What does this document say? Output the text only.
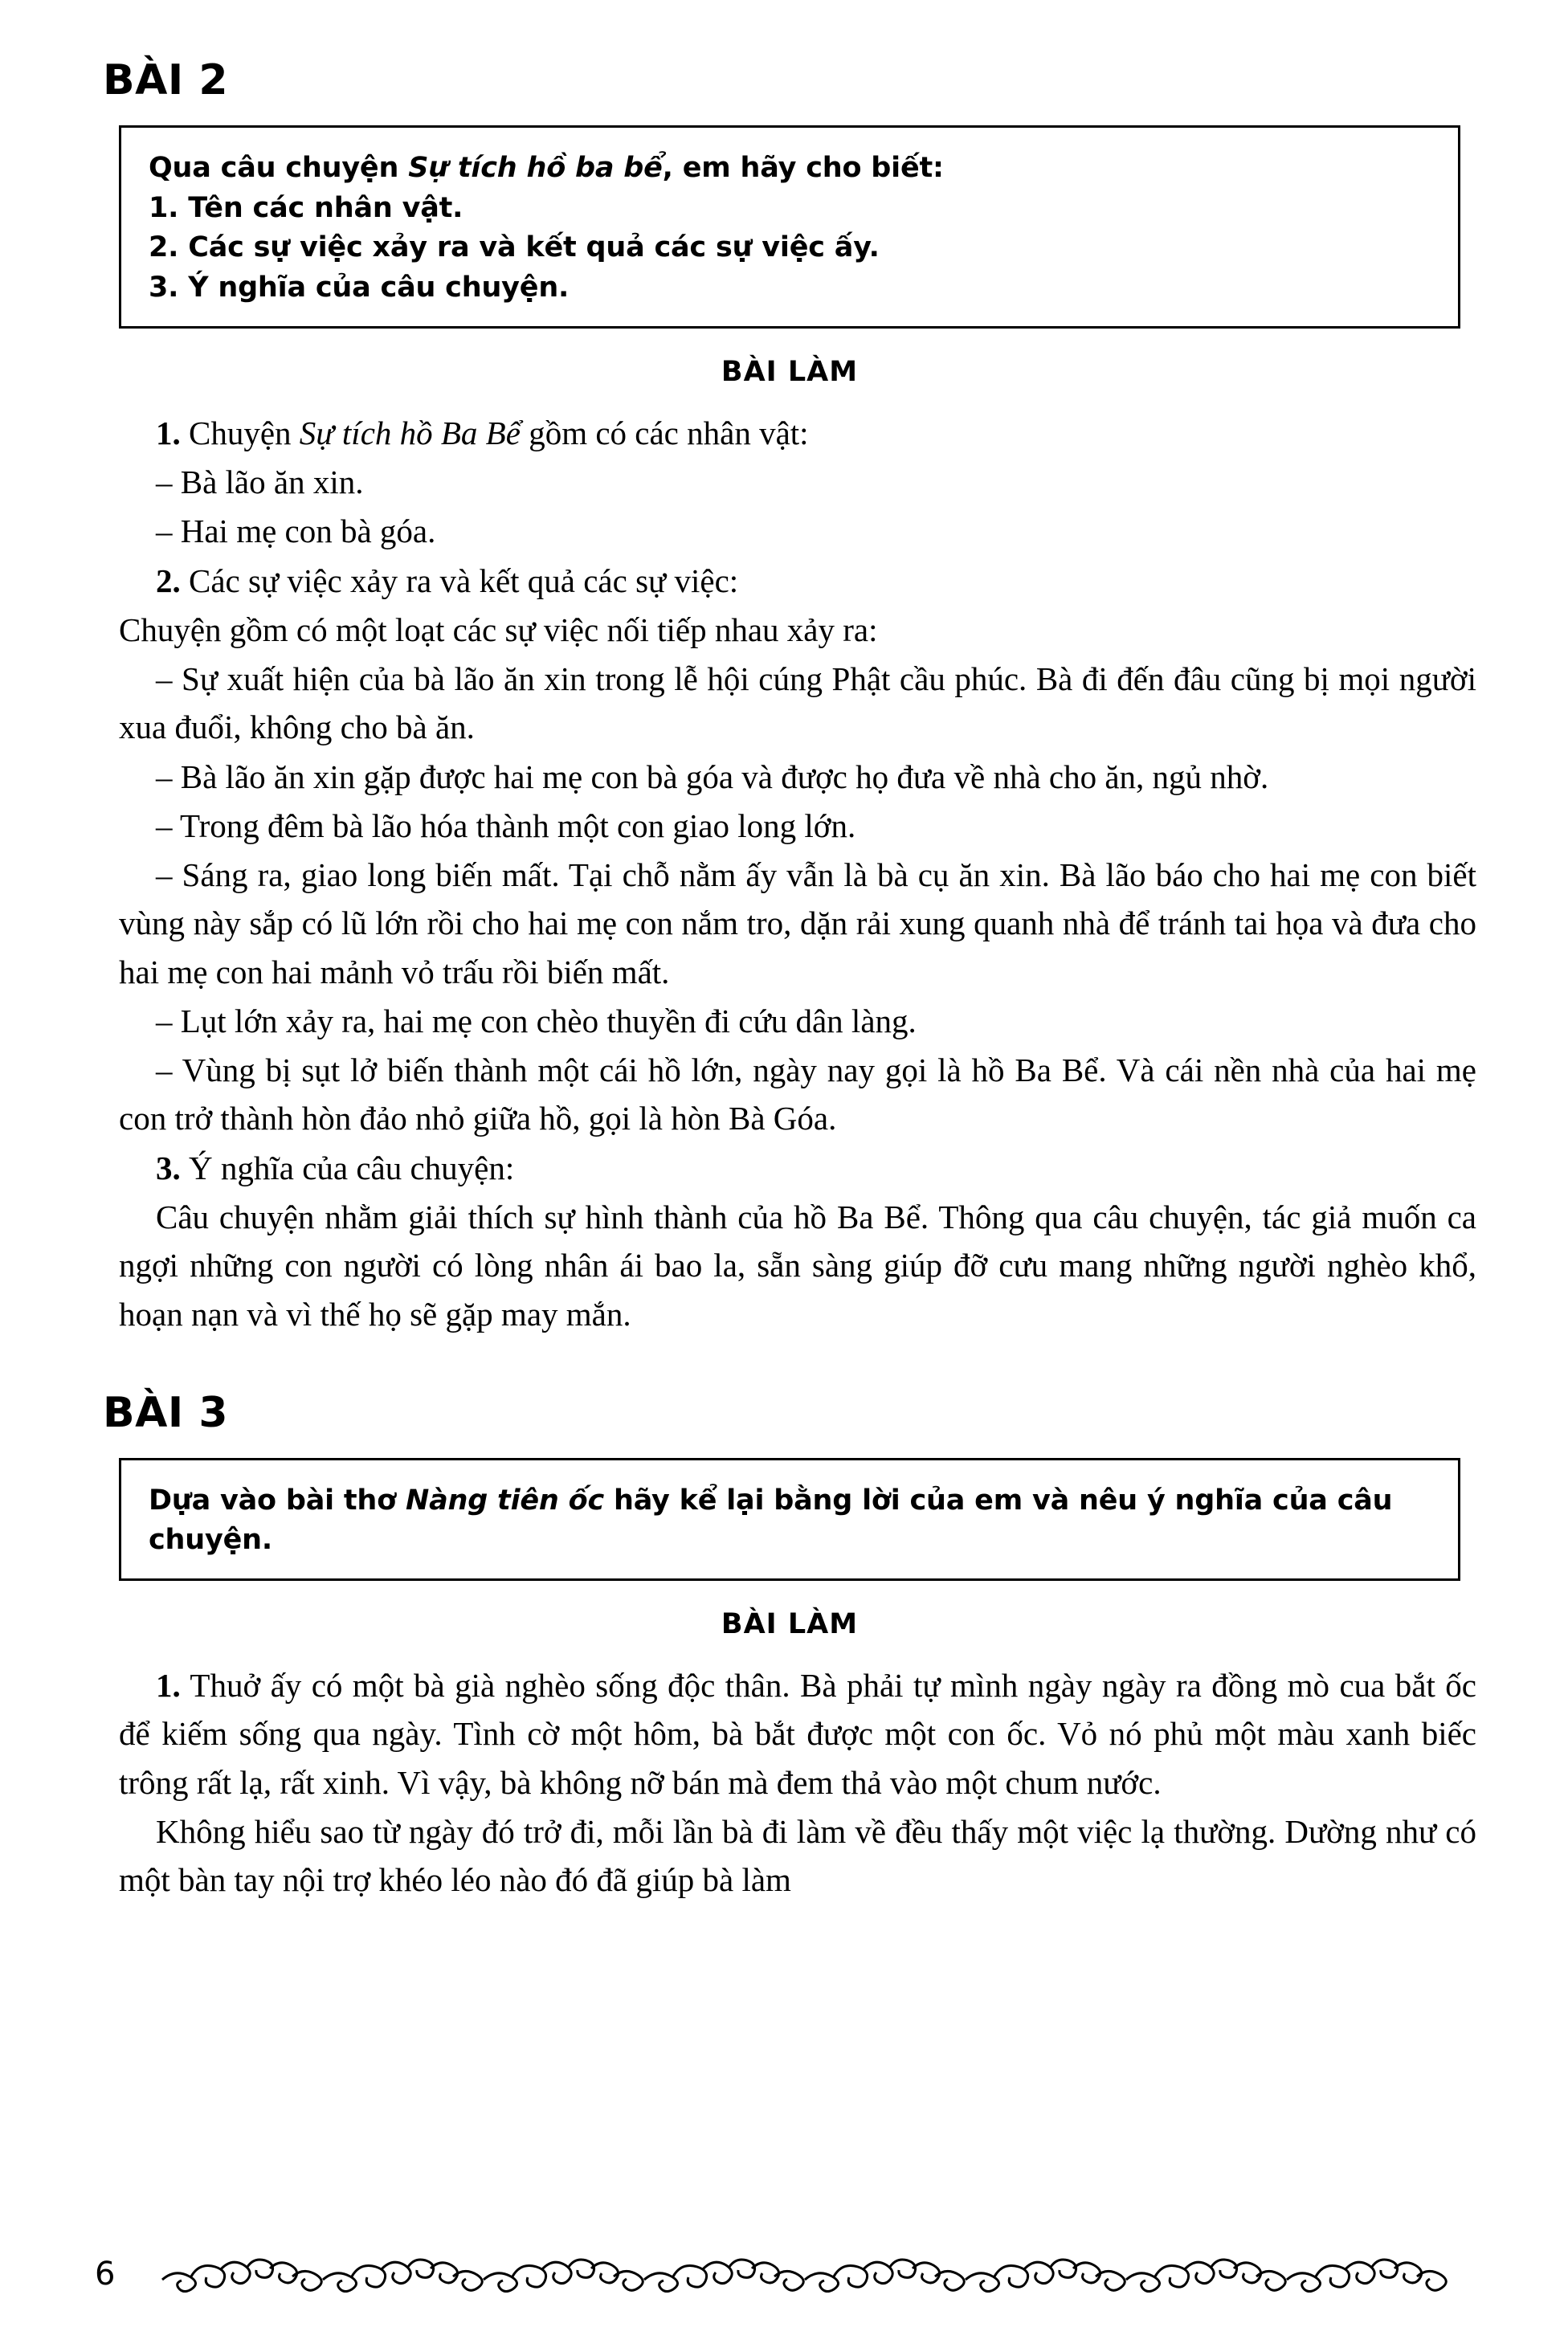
BÀI 2

Qua câu chuyện Sự tích hồ ba bể, em hãy cho biết:

1. Tên các nhân vật.

2. Các sự việc xảy ra và kết quả các sự việc ấy.

3. Ý nghĩa của câu chuyện.

BÀI LÀM

1. Chuyện Sự tích hồ Ba Bể gồm có các nhân vật:

– Bà lão ăn xin.

– Hai mẹ con bà góa.

2. Các sự việc xảy ra và kết quả các sự việc:

Chuyện gồm có một loạt các sự việc nối tiếp nhau xảy ra:

– Sự xuất hiện của bà lão ăn xin trong lễ hội cúng Phật cầu phúc. Bà đi đến đâu cũng bị mọi người xua đuổi, không cho bà ăn.

– Bà lão ăn xin gặp được hai mẹ con bà góa và được họ đưa về nhà cho ăn, ngủ nhờ.

– Trong đêm bà lão hóa thành một con giao long lớn.

– Sáng ra, giao long biến mất. Tại chỗ nằm ấy vẫn là bà cụ ăn xin. Bà lão báo cho hai mẹ con biết vùng này sắp có lũ lớn rồi cho hai mẹ con nắm tro, dặn rải xung quanh nhà để tránh tai họa và đưa cho hai mẹ con hai mảnh vỏ trấu rồi biến mất.

– Lụt lớn xảy ra, hai mẹ con chèo thuyền đi cứu dân làng.

– Vùng bị sụt lở biến thành một cái hồ lớn, ngày nay gọi là hồ Ba Bể. Và cái nền nhà của hai mẹ con trở thành hòn đảo nhỏ giữa hồ, gọi là hòn Bà Góa.

3. Ý nghĩa của câu chuyện:

Câu chuyện nhằm giải thích sự hình thành của hồ Ba Bể. Thông qua câu chuyện, tác giả muốn ca ngợi những con người có lòng nhân ái bao la, sẵn sàng giúp đỡ cưu mang những người nghèo khổ, hoạn nạn và vì thế họ sẽ gặp may mắn.

BÀI 3

Dựa vào bài thơ Nàng tiên ốc hãy kể lại bằng lời của em và nêu ý nghĩa của câu chuyện.

BÀI LÀM

1. Thuở ấy có một bà già nghèo sống độc thân. Bà phải tự mình ngày ngày ra đồng mò cua bắt ốc để kiếm sống qua ngày. Tình cờ một hôm, bà bắt được một con ốc. Vỏ nó phủ một màu xanh biếc trông rất lạ, rất xinh. Vì vậy, bà không nỡ bán mà đem thả vào một chum nước.

Không hiểu sao từ ngày đó trở đi, mỗi lần bà đi làm về đều thấy một việc lạ thường. Dường như có một bàn tay nội trợ khéo léo nào đó đã giúp bà làm

6
